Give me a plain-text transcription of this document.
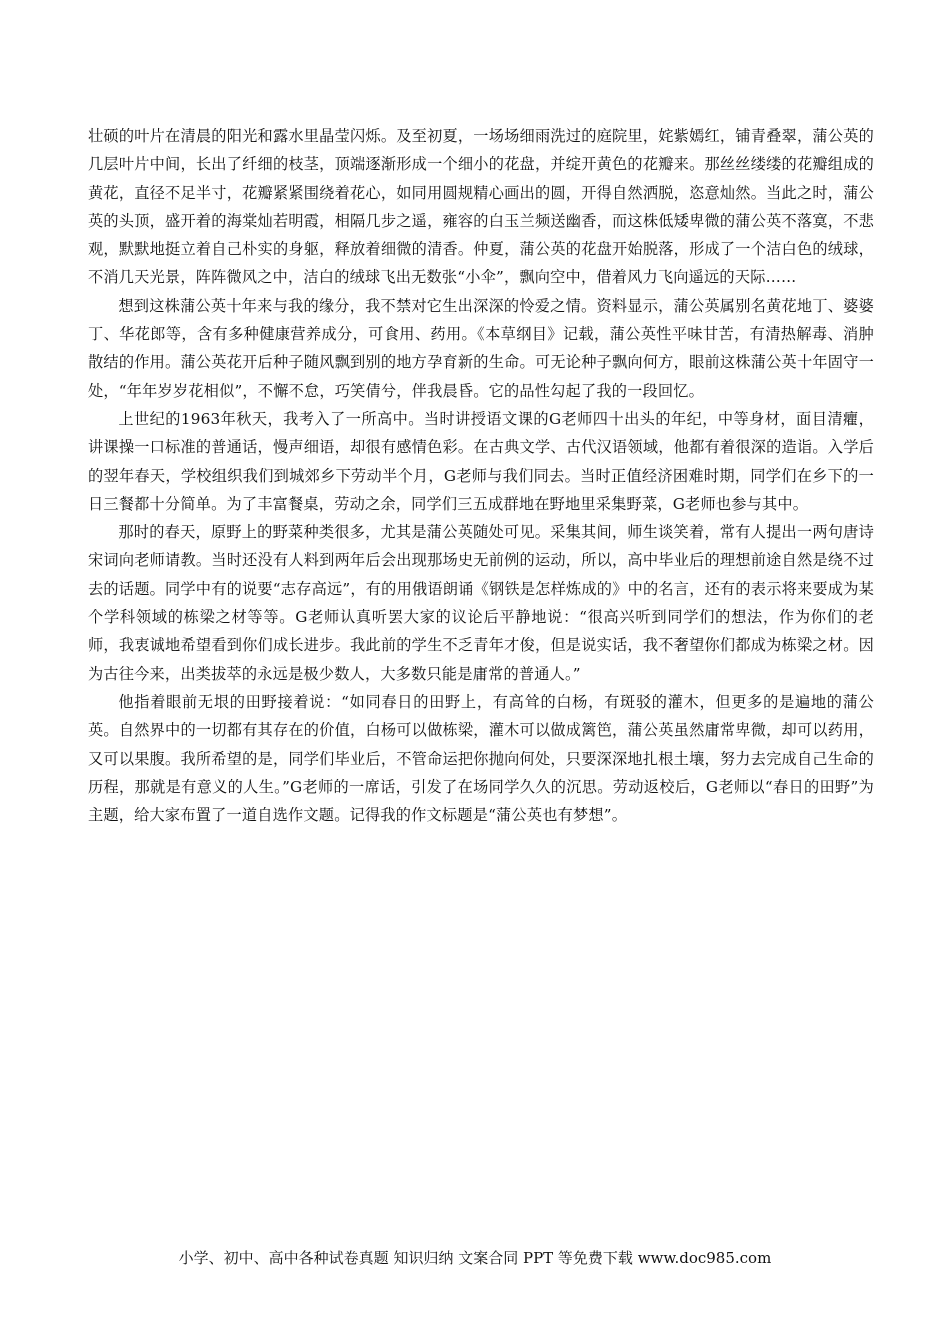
壮硕的叶片在清晨的阳光和露水里晶莹闪烁。及至初夏，一场场细雨洗过的庭院里，姹紫嫣红，铺青叠翠，蒲公英的几层叶片中间，长出了纤细的枝茎，顶端逐渐形成一个细小的花盘，并绽开黄色的花瓣来。那丝丝缕缕的花瓣组成的黄花，直径不足半寸，花瓣紧紧围绕着花心，如同用圆规精心画出的圆，开得自然洒脱，恣意灿然。当此之时，蒲公英的头顶，盛开着的海棠灿若明霞，相隔几步之遥，雍容的白玉兰频送幽香，而这株低矮卑微的蒲公英不落寞，不悲观，默默地挺立着自己朴实的身躯，释放着细微的清香。仲夏，蒲公英的花盘开始脱落，形成了一个洁白色的绒球，不消几天光景，阵阵微风之中，洁白的绒球飞出无数张“小伞”，飘向空中，借着风力飞向遥远的天际……

想到这株蒲公英十年来与我的缘分，我不禁对它生出深深的怜爱之情。资料显示，蒲公英属别名黄花地丁、婆婆丁、华花郎等，含有多种健康营养成分，可食用、药用。《本草纲目》记载，蒲公英性平味甘苦，有清热解毒、消肿散结的作用。蒲公英花开后种子随风飘到别的地方孕育新的生命。可无论种子飘向何方，眼前这株蒲公英十年固守一处，“年年岁岁花相似”，不懈不怠，巧笑倩兮，伴我晨昏。它的品性勾起了我的一段回忆。

上世纪的1963年秋天，我考入了一所高中。当时讲授语文课的G老师四十出头的年纪，中等身材，面目清癯，讲课操一口标准的普通话，慢声细语，却很有感情色彩。在古典文学、古代汉语领域，他都有着很深的造诣。入学后的翌年春天，学校组织我们到城郊乡下劳动半个月，G老师与我们同去。当时正值经济困难时期，同学们在乡下的一日三餐都十分简单。为了丰富餐桌，劳动之余，同学们三五成群地在野地里采集野菜，G老师也参与其中。

那时的春天，原野上的野菜种类很多，尤其是蒲公英随处可见。采集其间，师生谈笑着，常有人提出一两句唐诗宋词向老师请教。当时还没有人料到两年后会出现那场史无前例的运动，所以，高中毕业后的理想前途自然是绕不过去的话题。同学中有的说要“志存高远”，有的用俄语朗诵《钢铁是怎样炼成的》中的名言，还有的表示将来要成为某个学科领域的栋梁之材等等。G老师认真听罢大家的议论后平静地说：“很高兴听到同学们的想法，作为你们的老师，我衷诚地希望看到你们成长进步。我此前的学生不乏青年才俊，但是说实话，我不奢望你们都成为栋梁之材。因为古往今来，出类拔萃的永远是极少数人，大多数只能是庸常的普通人。”

他指着眼前无垠的田野接着说：“如同春日的田野上，有高耸的白杨，有斑驳的灌木，但更多的是遍地的蒲公英。自然界中的一切都有其存在的价值，白杨可以做栋梁，灌木可以做成篱笆，蒲公英虽然庸常卑微，却可以药用，又可以果腹。我所希望的是，同学们毕业后，不管命运把你抛向何处，只要深深地扎根土壤，努力去完成自己生命的历程，那就是有意义的人生。”G老师的一席话，引发了在场同学久久的沉思。劳动返校后，G老师以“春日的田野”为主题，给大家布置了一道自选作文题。记得我的作文标题是“蒲公英也有梦想”。

小学、初中、高中各种试卷真题 知识归纳 文案合同 PPT 等免费下载 www.doc985.com
